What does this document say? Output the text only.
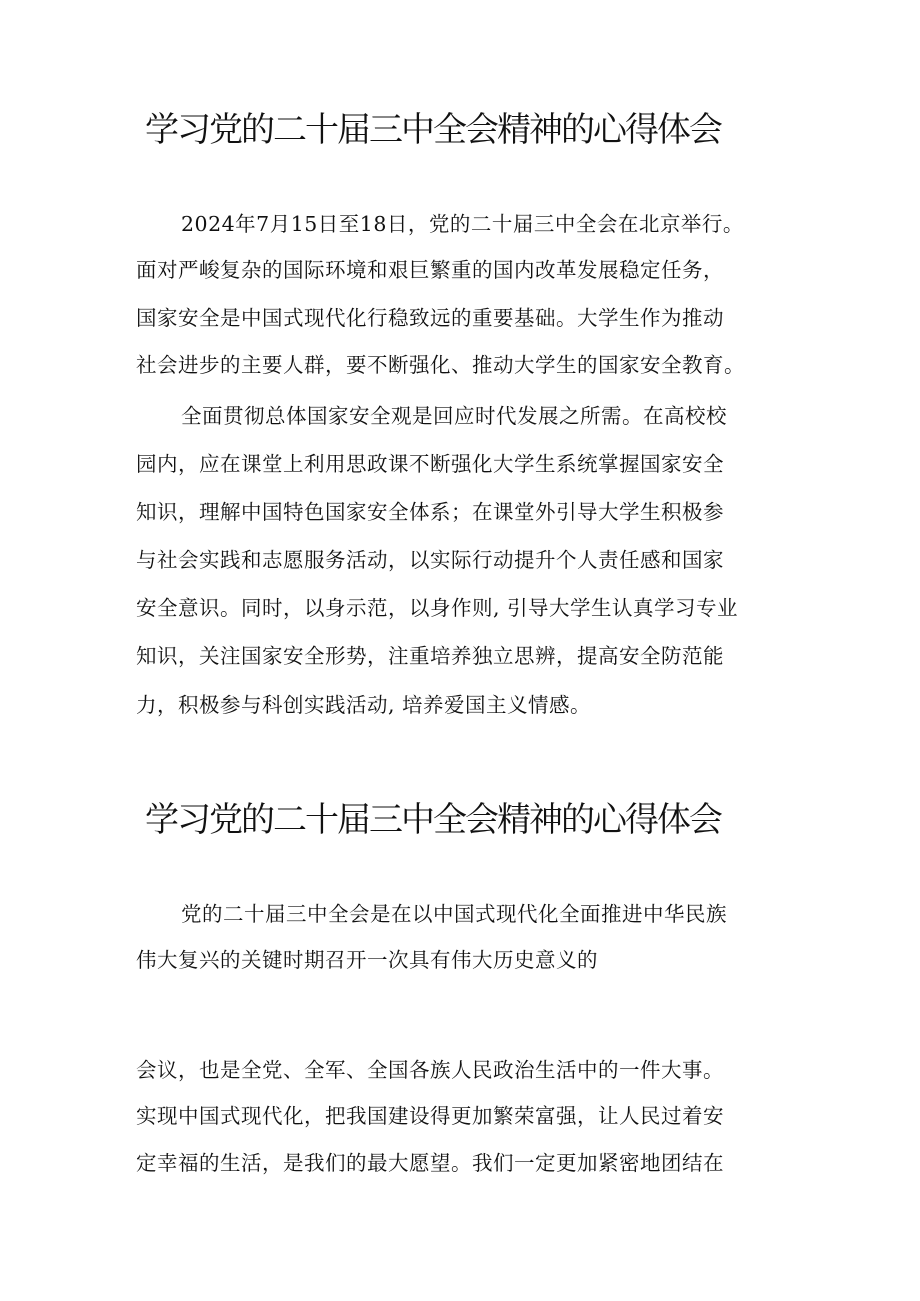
学习党的二十届三中全会精神的心得体会

2024年7月15日至18日，党的二十届三中全会在北京举行。

面对严峻复杂的国际环境和艰巨繁重的国内改革发展稳定任务，

国家安全是中国式现代化行稳致远的重要基础。大学生作为推动

社会进步的主要人群，要不断强化、推动大学生的国家安全教育。

全面贯彻总体国家安全观是回应时代发展之所需。在高校校

园内，应在课堂上利用思政课不断强化大学生系统掌握国家安全

知识，理解中国特色国家安全体系；在课堂外引导大学生积极参

与社会实践和志愿服务活动，以实际行动提升个人责任感和国家

安全意识。同时，以身示范，以身作则, 引导大学生认真学习专业

知识，关注国家安全形势，注重培养独立思辨，提高安全防范能

力，积极参与科创实践活动, 培养爱国主义情感。

学习党的二十届三中全会精神的心得体会

党的二十届三中全会是在以中国式现代化全面推进中华民族

伟大复兴的关键时期召开一次具有伟大历史意义的

会议，也是全党、全军、全国各族人民政治生活中的一件大事。

实现中国式现代化，把我国建设得更加繁荣富强，让人民过着安

定幸福的生活，是我们的最大愿望。我们一定更加紧密地团结在
